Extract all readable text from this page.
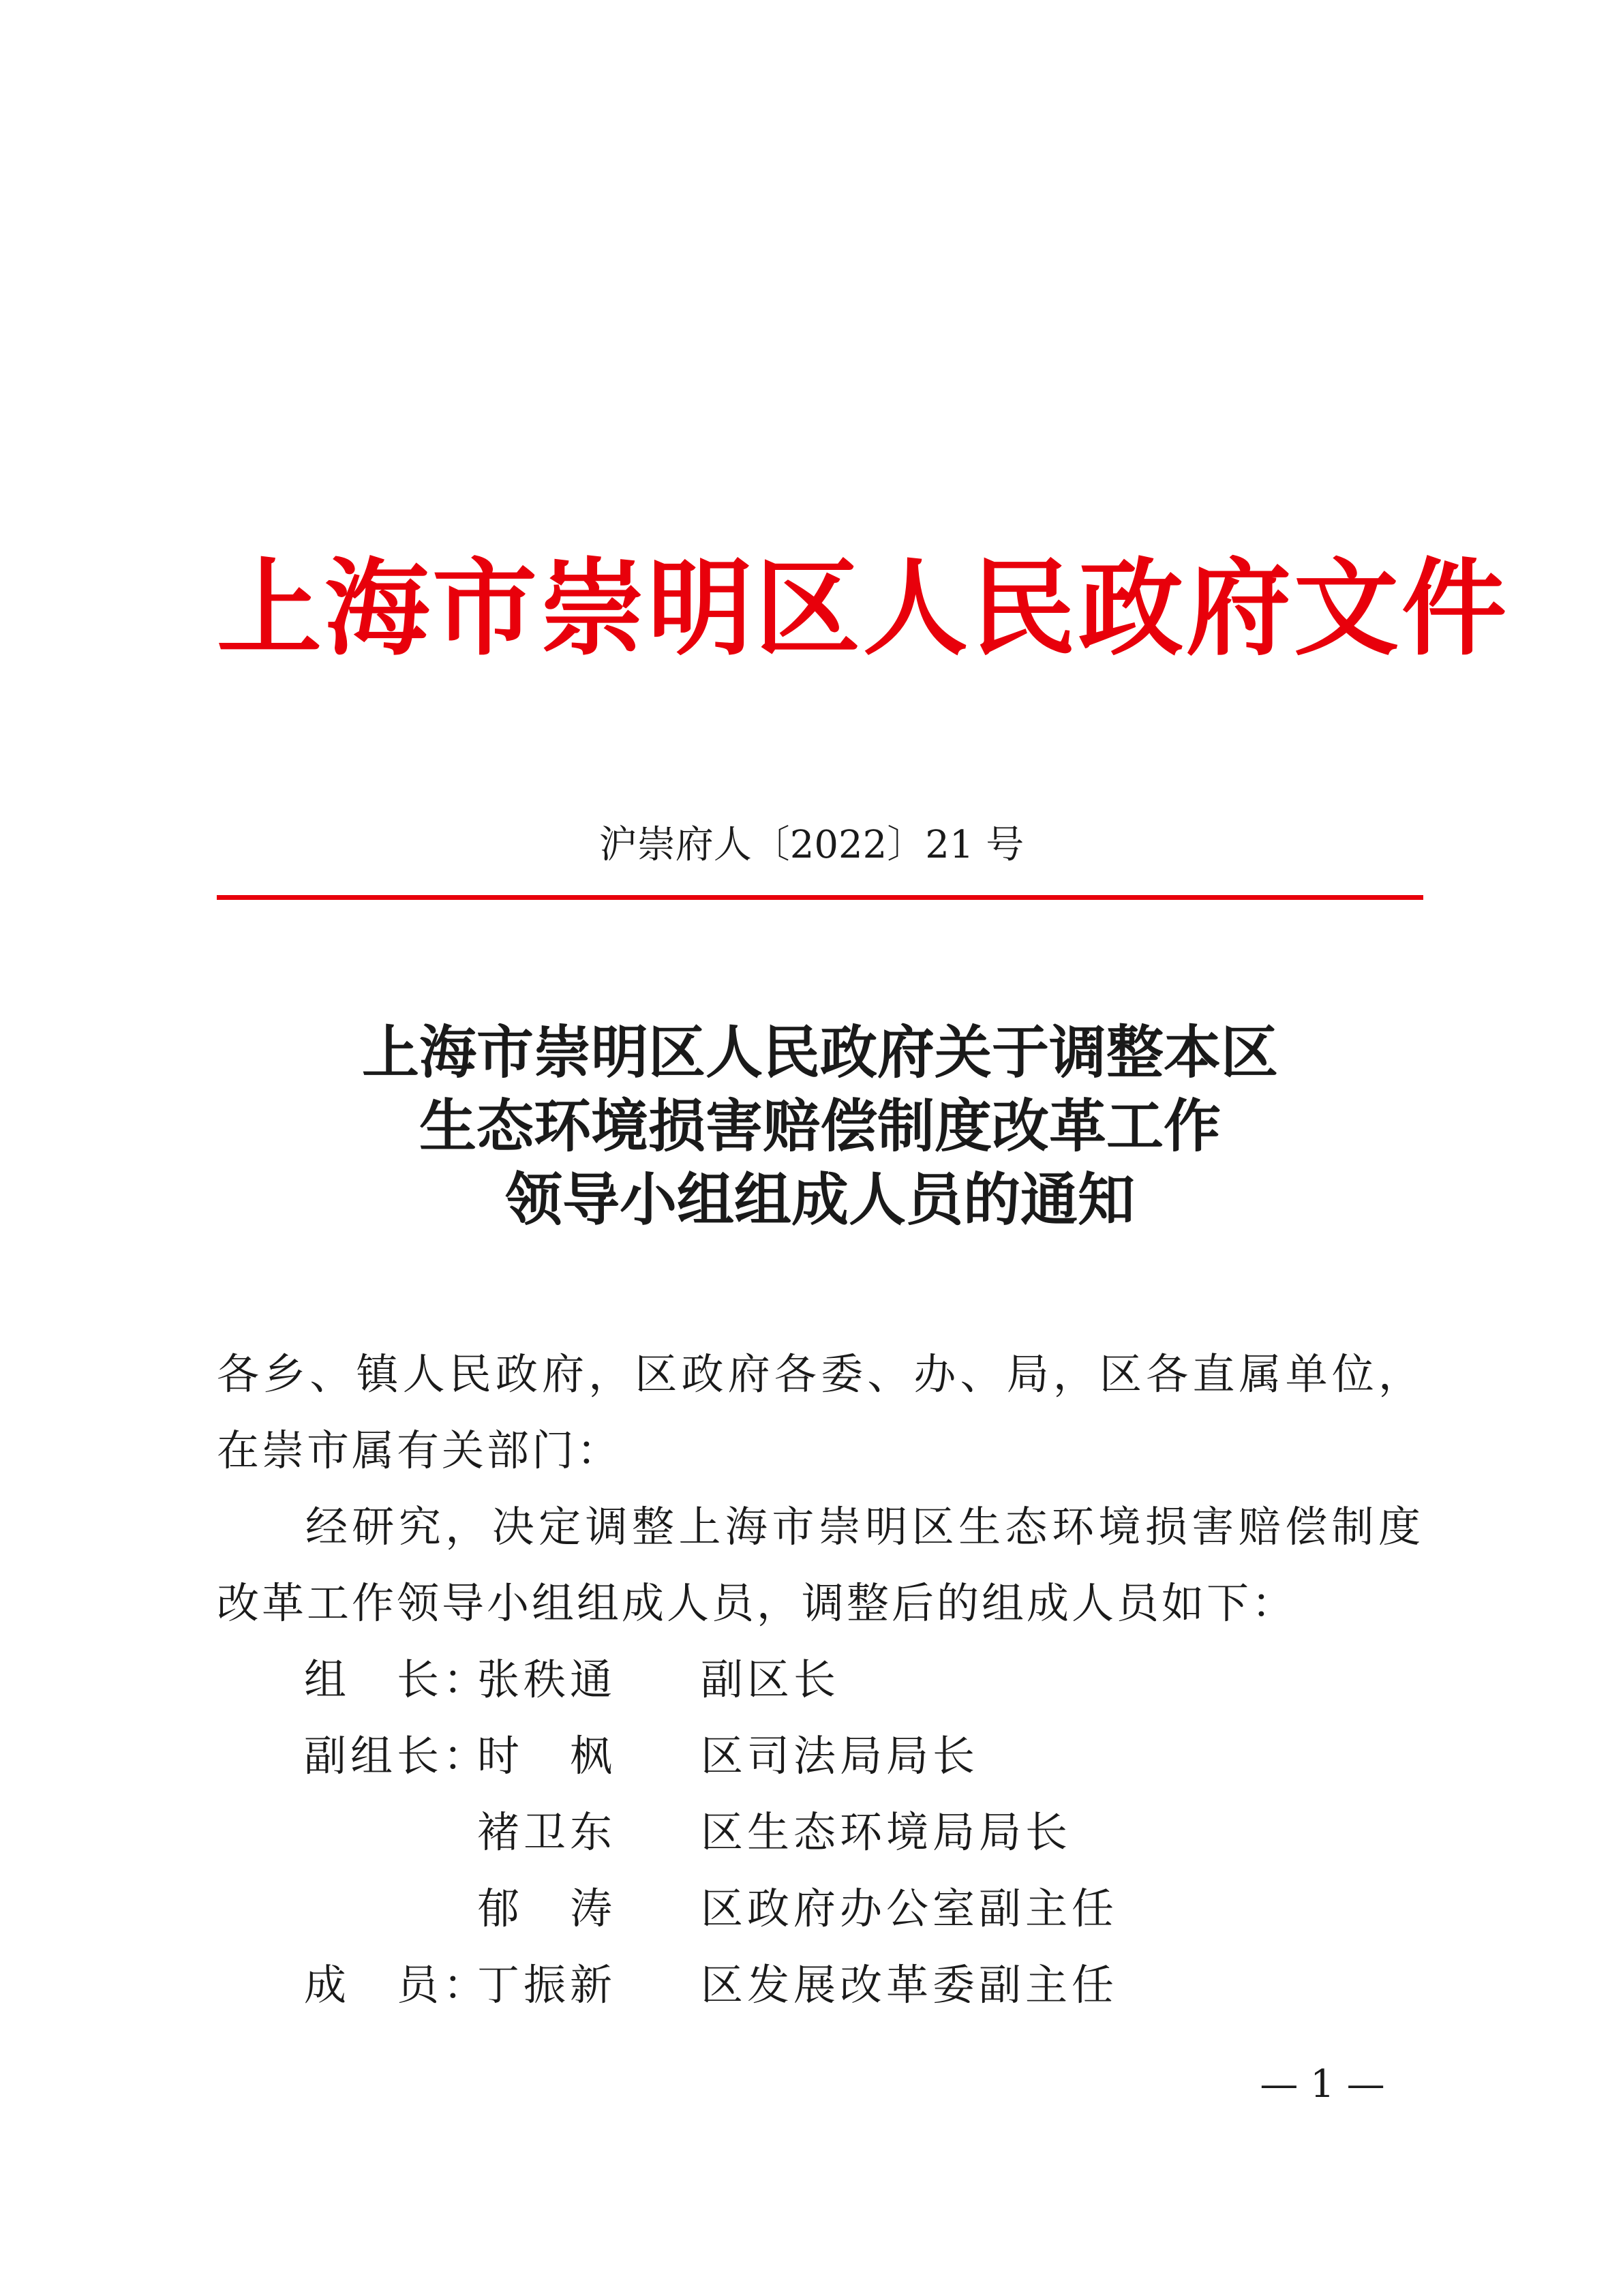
上海市崇明区人民政府文件
沪崇府人〔2022〕21 号
上海市崇明区人民政府关于调整本区
生态环境损害赔偿制度改革工作
领导小组组成人员的通知

各乡、镇人民政府，区政府各委、办、局，区各直属单位，在崇市属有关部门：

经研究，决定调整上海市崇明区生态环境损害赔偿制度改革工作领导小组组成人员，调整后的组成人员如下：

组　长：
张秩通 副区长
副组长：
时　枫 区司法局局长
褚卫东 区生态环境局局长
郁　涛 区政府办公室副主任
成　员：
丁振新 区发展改革委副主任
— 1 —
